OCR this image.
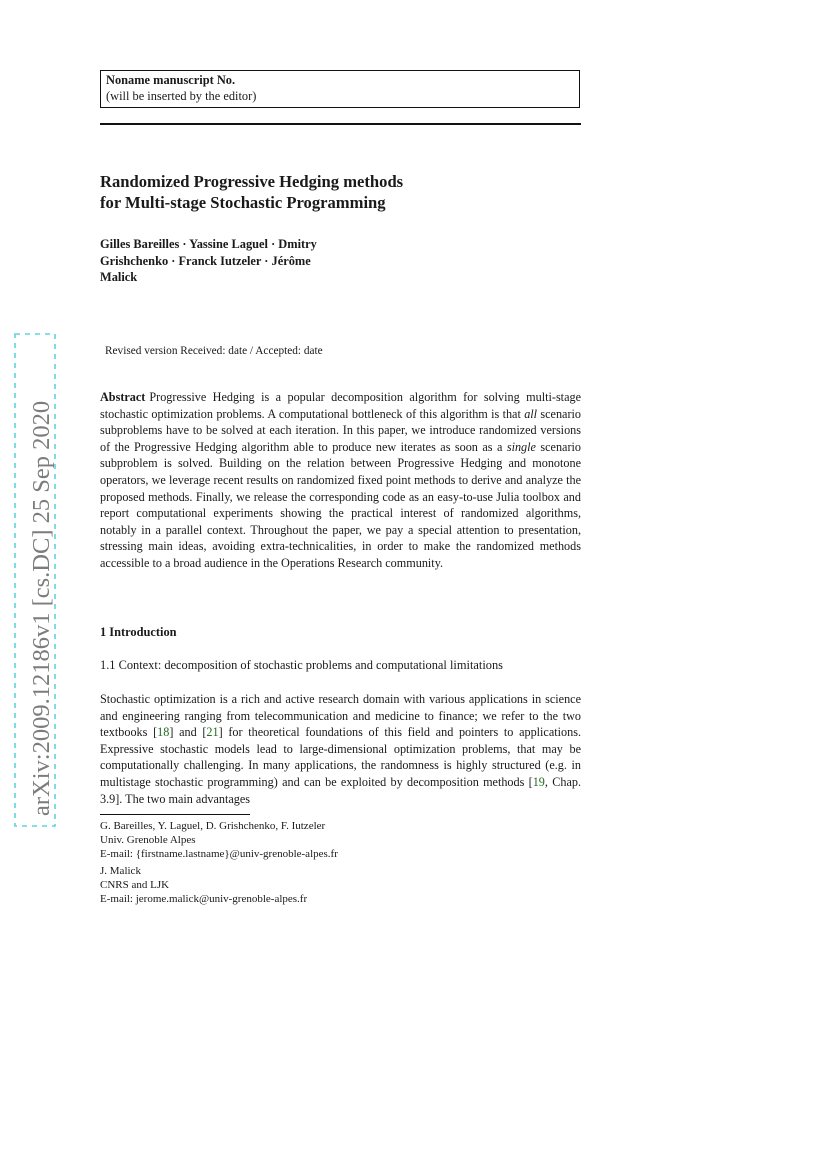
Noname manuscript No.
(will be inserted by the editor)
Randomized Progressive Hedging methods
for Multi-stage Stochastic Programming
Gilles Bareilles · Yassine Laguel · Dmitry
Grishchenko · Franck Iutzeler · Jérôme
Malick
Revised version Received: date / Accepted: date

Abstract Progressive Hedging is a popular decomposition algorithm for solving multi-stage stochastic optimization problems. A computational bottleneck of this algorithm is that all scenario subproblems have to be solved at each iteration. In this paper, we introduce randomized versions of the Progressive Hedging algorithm able to produce new iterates as soon as a single scenario subproblem is solved. Building on the relation between Progressive Hedging and monotone operators, we leverage recent results on randomized fixed point methods to derive and analyze the proposed methods. Finally, we release the corresponding code as an easy-to-use Julia toolbox and report computational experiments showing the practical interest of randomized algorithms, notably in a parallel context. Throughout the paper, we pay a special attention to presentation, stressing main ideas, avoiding extra-technicalities, in order to make the randomized methods accessible to a broad audience in the Operations Research community.

1 Introduction
1.1 Context: decomposition of stochastic problems and computational limitations

Stochastic optimization is a rich and active research domain with various applications in science and engineering ranging from telecommunication and medicine to finance; we refer to the two textbooks [18] and [21] for theoretical foundations of this field and pointers to applications. Expressive stochastic models lead to large-dimensional optimization problems, that may be computationally challenging. In many applications, the randomness is highly structured (e.g. in multistage stochastic programming) and can be exploited by decomposition methods [19, Chap. 3.9]. The two main advantages

G. Bareilles, Y. Laguel, D. Grishchenko, F. Iutzeler
Univ. Grenoble Alpes
E-mail: {firstname.lastname}@univ-grenoble-alpes.fr
J. Malick
CNRS and LJK
E-mail: jerome.malick@univ-grenoble-alpes.fr
arXiv:2009.12186v1 [cs.DC] 25 Sep 2020
